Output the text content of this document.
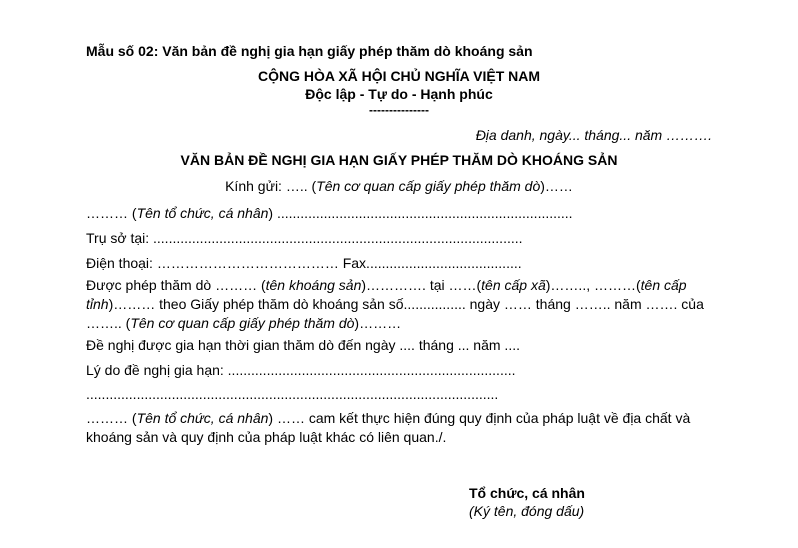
Mẫu số 02: Văn bản đề nghị gia hạn giấy phép thăm dò khoáng sản
CỘNG HÒA XÃ HỘI CHỦ NGHĨA VIỆT NAM
Độc lập - Tự do - Hạnh phúc
---------------
Địa danh, ngày... tháng... năm ……….
VĂN BẢN ĐỀ NGHỊ GIA HẠN GIẤY PHÉP THĂM DÒ KHOÁNG SẢN
Kính gửi: ….. (Tên cơ quan cấp giấy phép thăm dò)……
……… (Tên tổ chức, cá nhân) ............................................................................
Trụ sở tại: ...............................................................................................
Điện thoại: ………………………………… Fax........................................
Được phép thăm dò ……… (tên khoáng sản)…………. tại ……(tên cấp xã)…….., ………(tên cấp tỉnh)……… theo Giấy phép thăm dò khoáng sản số................ ngày …… tháng …….. năm ……. của …….. (Tên cơ quan cấp giấy phép thăm dò)………
Đề nghị được gia hạn thời gian thăm dò đến ngày .... tháng ... năm ....
Lý do đề nghị gia hạn: ..........................................................................
..........................................................................................................
……… (Tên tổ chức, cá nhân) …… cam kết thực hiện đúng quy định của pháp luật về địa chất và khoáng sản và quy định của pháp luật khác có liên quan./.
Tổ chức, cá nhân
(Ký tên, đóng dấu)
